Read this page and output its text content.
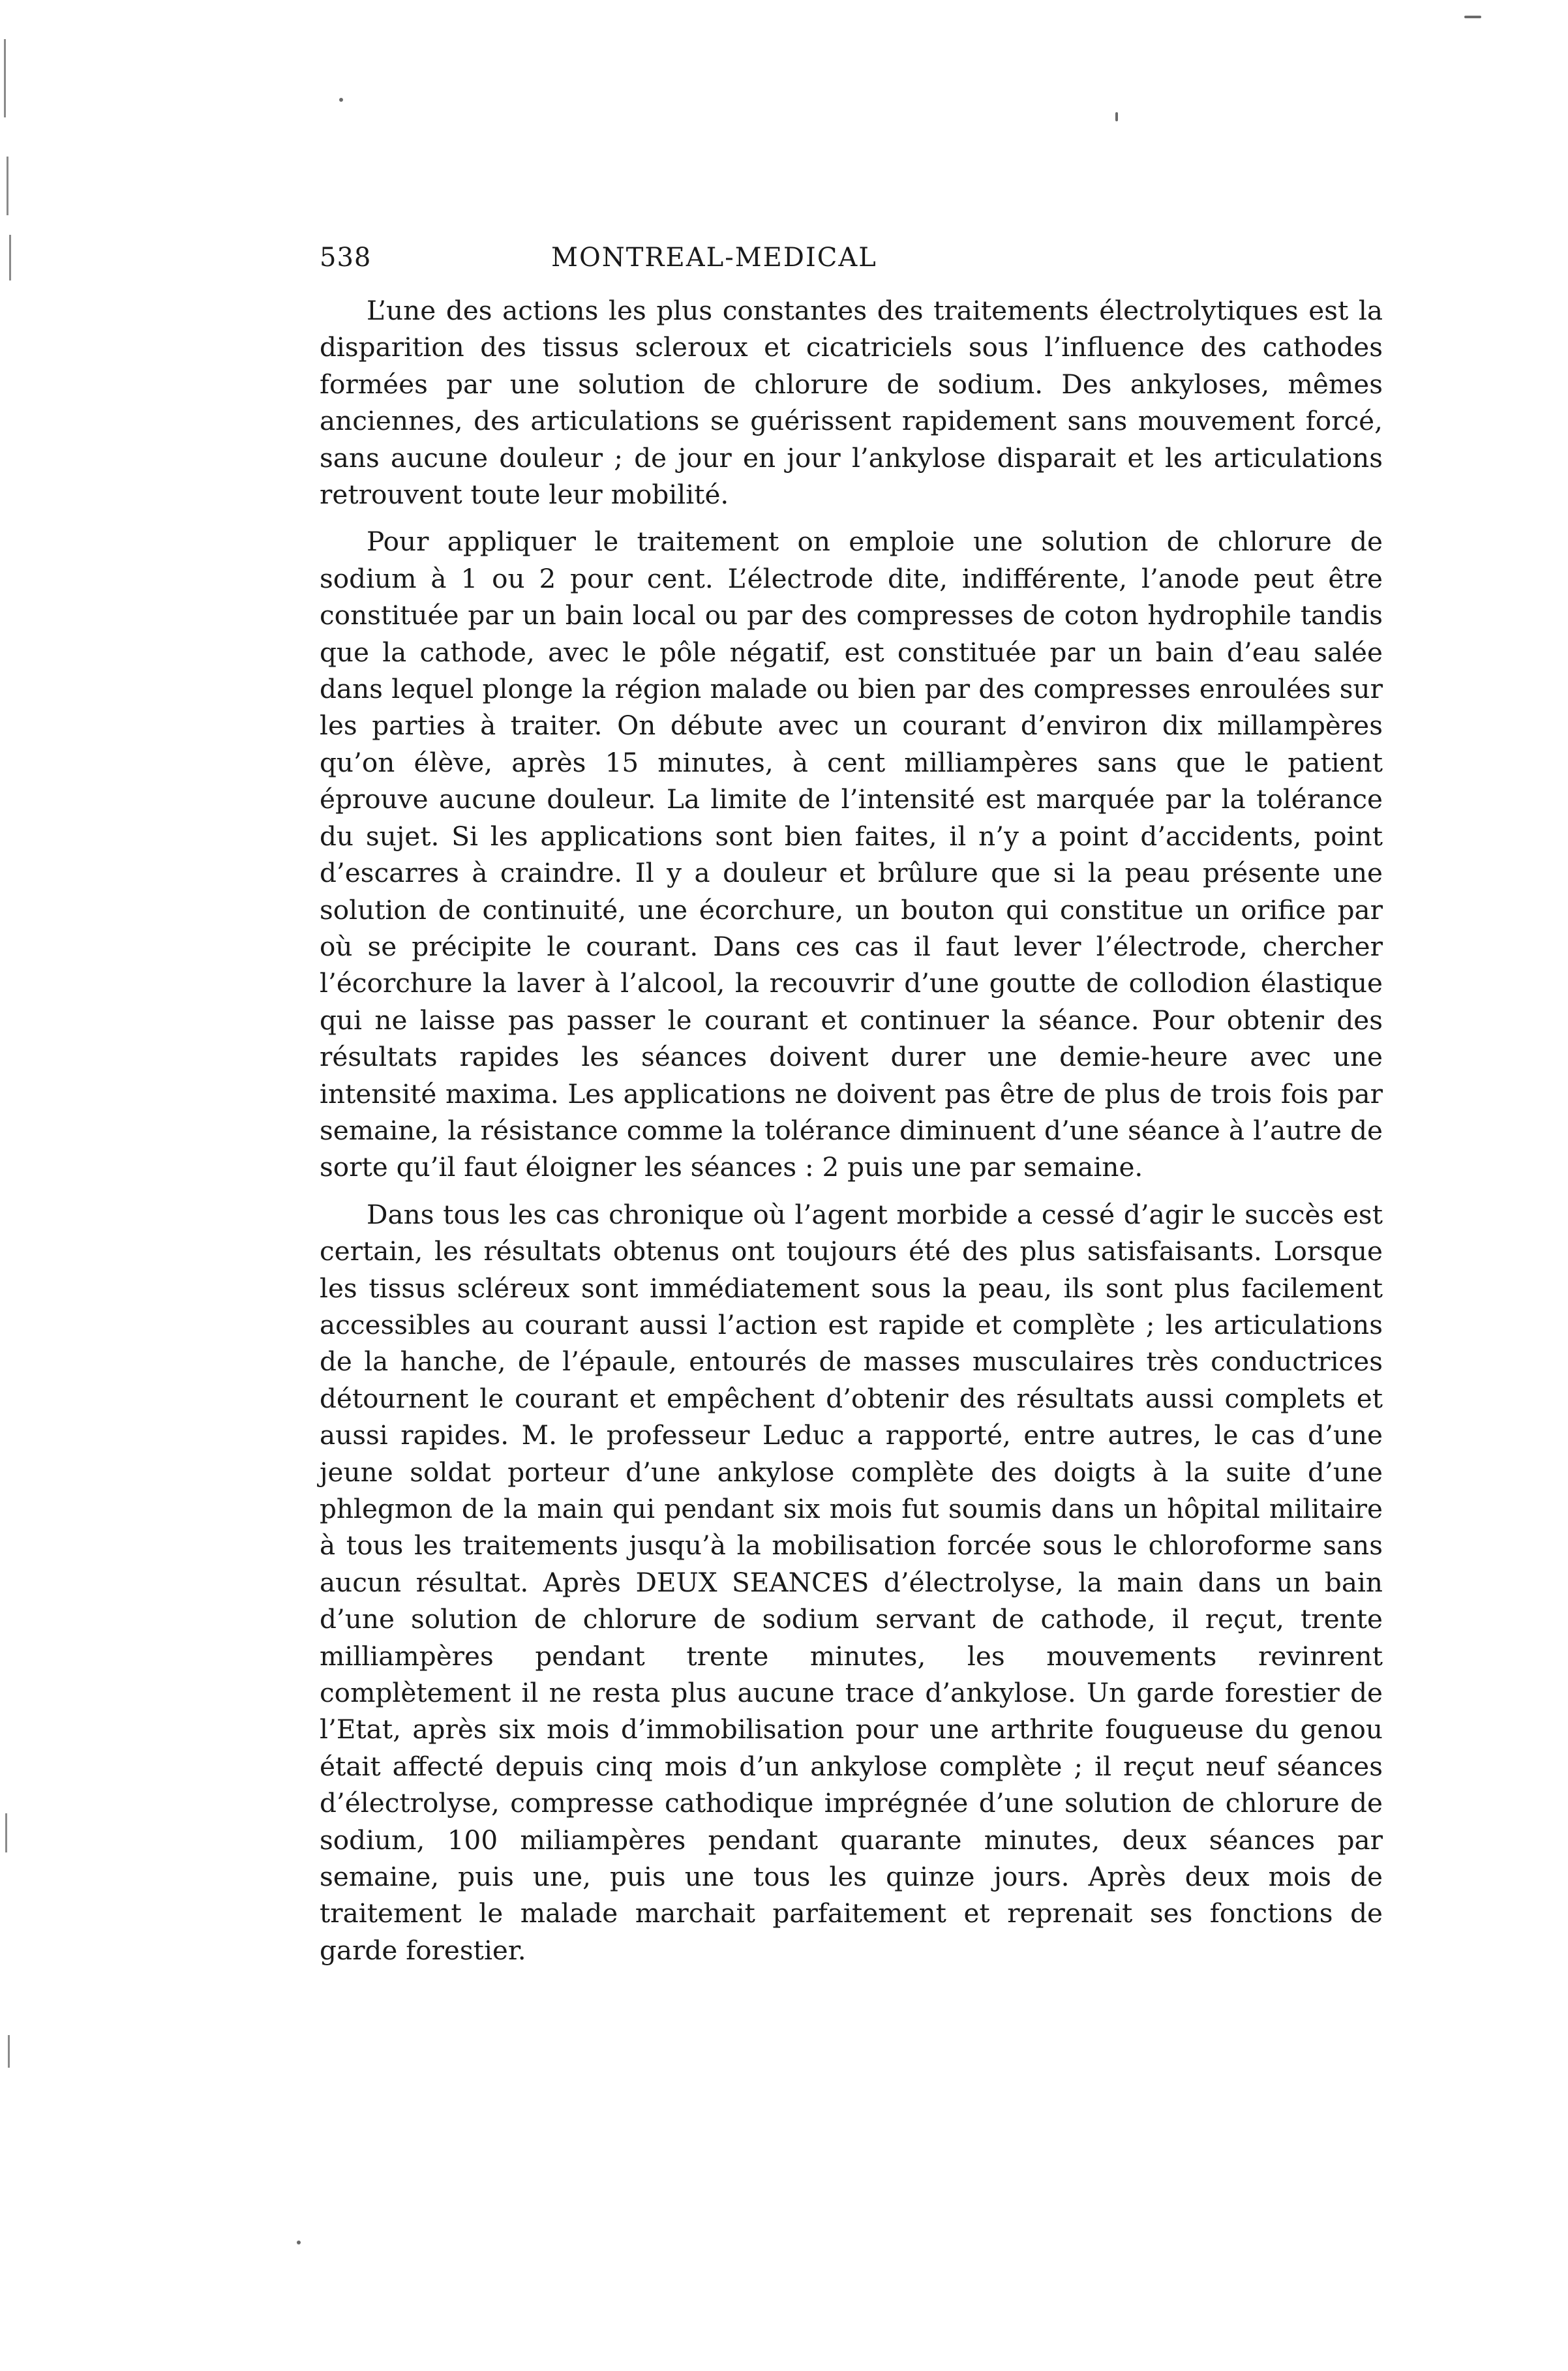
538	MONTREAL-MEDICAL

L’une des actions les plus constantes des traitements électrolytiques est la disparition des tissus scleroux et cicatriciels sous l’influence des cathodes formées par une solution de chlorure de sodium. Des ankyloses, mêmes anciennes, des articulations se guérissent rapidement sans mouvement forcé, sans aucune douleur ; de jour en jour l’ankylose disparait et les articulations retrouvent toute leur mobilité.

Pour appliquer le traitement on emploie une solution de chlorure de sodium à 1 ou 2 pour cent. L’électrode dite, indifférente, l’anode peut être constituée par un bain local ou par des compresses de coton hydrophile tandis que la cathode, avec le pôle négatif, est constituée par un bain d’eau salée dans lequel plonge la région malade ou bien par des compresses enroulées sur les parties à traiter. On débute avec un courant d’environ dix millampères qu’on élève, après 15 minutes, à cent milliampères sans que le patient éprouve aucune douleur. La limite de l’intensité est marquée par la tolérance du sujet. Si les applications sont bien faites, il n’y a point d’accidents, point d’escarres à craindre. Il y a douleur et brûlure que si la peau présente une solution de continuité, une écorchure, un bouton qui constitue un orifice par où se précipite le courant. Dans ces cas il faut lever l’électrode, chercher l’écorchure la laver à l’alcool, la recouvrir d’une goutte de collodion élastique qui ne laisse pas passer le courant et continuer la séance. Pour obtenir des résultats rapides les séances doivent durer une demie-heure avec une intensité maxima. Les applications ne doivent pas être de plus de trois fois par semaine, la résistance comme la tolérance diminuent d’une séance à l’autre de sorte qu’il faut éloigner les séances : 2 puis une par semaine.

Dans tous les cas chronique où l’agent morbide a cessé d’agir le succès est certain, les résultats obtenus ont toujours été des plus satisfaisants. Lorsque les tissus scléreux sont immédiatement sous la peau, ils sont plus facilement accessibles au courant aussi l’action est rapide et complète ; les articulations de la hanche, de l’épaule, entourés de masses musculaires très conductrices détournent le courant et empêchent d’obtenir des résultats aussi complets et aussi rapides. M. le professeur Leduc a rapporté, entre autres, le cas d’une jeune soldat porteur d’une ankylose complète des doigts à la suite d’une phlegmon de la main qui pendant six mois fut soumis dans un hôpital militaire à tous les traitements jusqu’à la mobilisation forcée sous le chloroforme sans aucun résultat. Après DEUX SEANCES d’électrolyse, la main dans un bain d’une solution de chlorure de sodium servant de cathode, il reçut, trente milliampères pendant trente minutes, les mouvements revinrent complètement il ne resta plus aucune trace d’ankylose. Un garde forestier de l’Etat, après six mois d’immobilisation pour une arthrite fougueuse du genou était affecté depuis cinq mois d’un ankylose complète ; il reçut neuf séances d’électrolyse, compresse cathodique imprégnée d’une solution de chlorure de sodium, 100 miliampères pendant quarante minutes, deux séances par semaine, puis une, puis une tous les quinze jours. Après deux mois de traitement le malade marchait parfaitement et reprenait ses fonctions de garde forestier.
